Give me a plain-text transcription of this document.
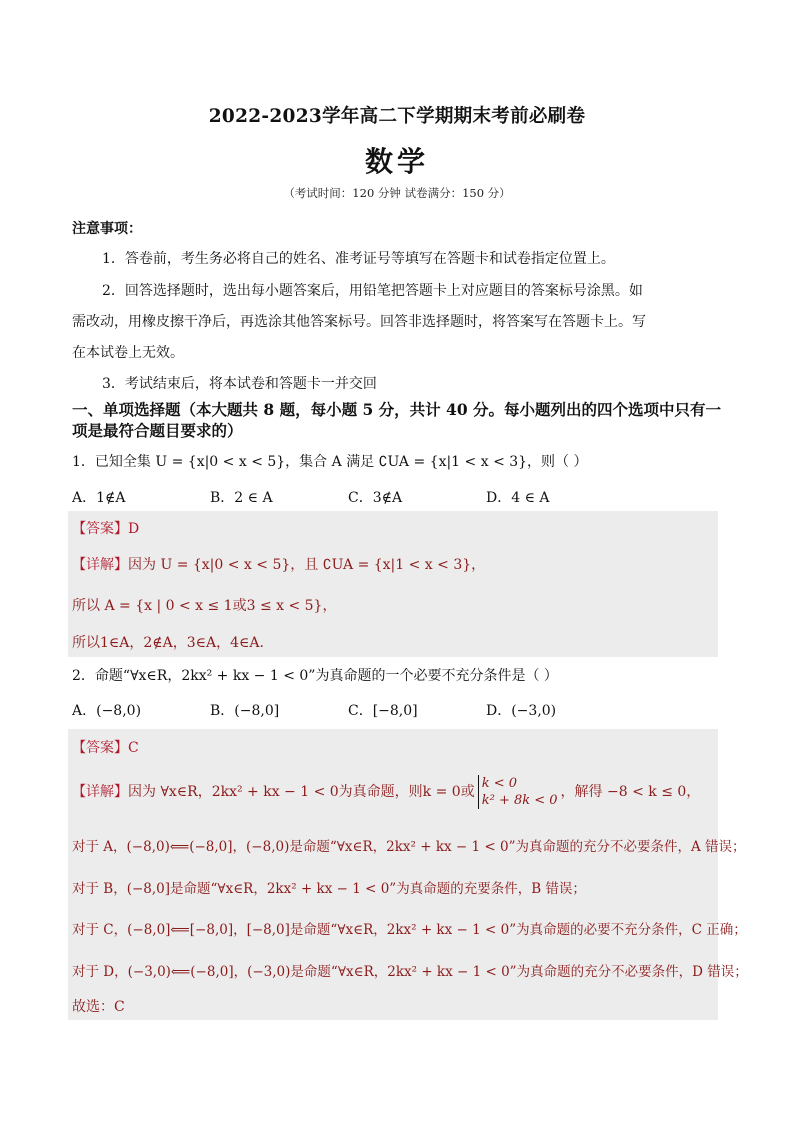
2022-2023学年高二下学期期末考前必刷卷
数学
（考试时间：120 分钟 试卷满分：150 分）
注意事项：
1．答卷前，考生务必将自己的姓名、准考证号等填写在答题卡和试卷指定位置上。
2．回答选择题时，选出每小题答案后，用铅笔把答题卡上对应题目的答案标号涂黑。如
需改动，用橡皮擦干净后，再选涂其他答案标号。回答非选择题时，将答案写在答题卡上。写
在本试卷上无效。
3．考试结束后，将本试卷和答题卡一并交回
一、单项选择题（本大题共 8 题，每小题 5 分，共计 40 分。每小题列出的四个选项中只有一
项是最符合题目要求的）
1．已知全集 U = {x|0 < x < 5}，集合 A 满足 ∁UA = {x|1 < x < 3}，则（ ）
A．1∉A	B．2 ∈ A	C．3∉A	D．4 ∈ A
【答案】D
【详解】因为 U = {x|0 < x < 5}，且 ∁UA = {x|1 < x < 3}，
所以 A = {x | 0 < x ≤ 1或3 ≤ x < 5}，
所以1∈A，2∉A，3∈A，4∈A.
2．命题“∀x∈R，2kx² + kx − 1 < 0”为真命题的一个必要不充分条件是（ ）
A．(−8,0)	B．(−8,0]	C．[−8,0]	D．(−3,0)
【答案】C
【详解】因为 ∀x∈R，2kx² + kx − 1 < 0为真命题，则k = 0或
k < 0
k² + 8k < 0
，解得 −8 < k ≤ 0，
对于 A，(−8,0)⟸(−8,0]，(−8,0)是命题“∀x∈R，2kx² + kx − 1 < 0”为真命题的充分不必要条件，A 错误；
对于 B，(−8,0]是命题“∀x∈R，2kx² + kx − 1 < 0”为真命题的充要条件，B 错误；
对于 C，(−8,0]⟸[−8,0]，[−8,0]是命题“∀x∈R，2kx² + kx − 1 < 0”为真命题的必要不充分条件，C 正确；
对于 D，(−3,0)⟸(−8,0]，(−3,0)是命题“∀x∈R，2kx² + kx − 1 < 0”为真命题的充分不必要条件，D 错误；
故选：C
